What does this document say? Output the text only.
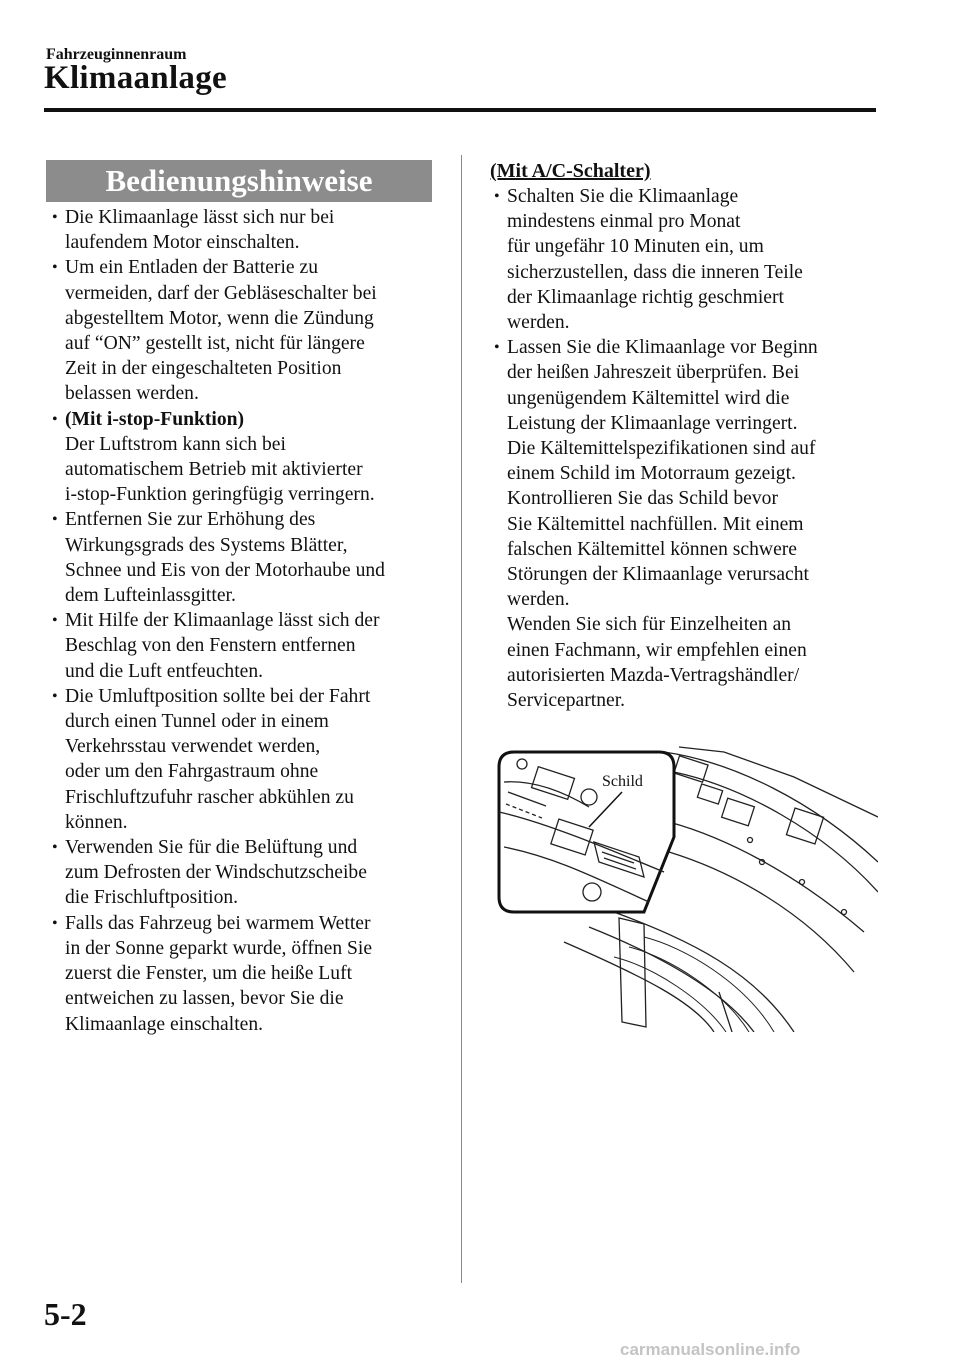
Fahrzeuginnenraum
Klimaanlage
Bedienungshinweise
• Die Klimaanlage lässt sich nur bei
laufendem Motor einschalten.
• Um ein Entladen der Batterie zu
vermeiden, darf der Gebläseschalter bei
abgestelltem Motor, wenn die Zündung
auf “ON” gestellt ist, nicht für längere
Zeit in der eingeschalteten Position
belassen werden.
• (Mit i-stop-Funktion)
Der Luftstrom kann sich bei
automatischem Betrieb mit aktivierter
i-stop-Funktion geringfügig verringern.
• Entfernen Sie zur Erhöhung des
Wirkungsgrads des Systems Blätter,
Schnee und Eis von der Motorhaube und
dem Lufteinlassgitter.
• Mit Hilfe der Klimaanlage lässt sich der
Beschlag von den Fenstern entfernen
und die Luft entfeuchten.
• Die Umluftposition sollte bei der Fahrt
durch einen Tunnel oder in einem
Verkehrsstau verwendet werden,
oder um den Fahrgastraum ohne
Frischluftzufuhr rascher abkühlen zu
können.
• Verwenden Sie für die Belüftung und
zum Defrosten der Windschutzscheibe
die Frischluftposition.
• Falls das Fahrzeug bei warmem Wetter
in der Sonne geparkt wurde, öffnen Sie
zuerst die Fenster, um die heiße Luft
entweichen zu lassen, bevor Sie die
Klimaanlage einschalten.
(Mit A/C-Schalter)
• Schalten Sie die Klimaanlage
mindestens einmal pro Monat
für ungefähr 10 Minuten ein, um
sicherzustellen, dass die inneren Teile
der Klimaanlage richtig geschmiert
werden.
• Lassen Sie die Klimaanlage vor Beginn
der heißen Jahreszeit überprüfen. Bei
ungenügendem Kältemittel wird die
Leistung der Klimaanlage verringert.
Die Kältemittelspezifikationen sind auf
einem Schild im Motorraum gezeigt.
Kontrollieren Sie das Schild bevor
Sie Kältemittel nachfüllen. Mit einem
falschen Kältemittel können schwere
Störungen der Klimaanlage verursacht
werden.
Wenden Sie sich für Einzelheiten an
einen Fachmann, wir empfehlen einen
autorisierten Mazda-Vertragshändler/
Servicepartner.
Schild
5-2
carmanualsonline.info
